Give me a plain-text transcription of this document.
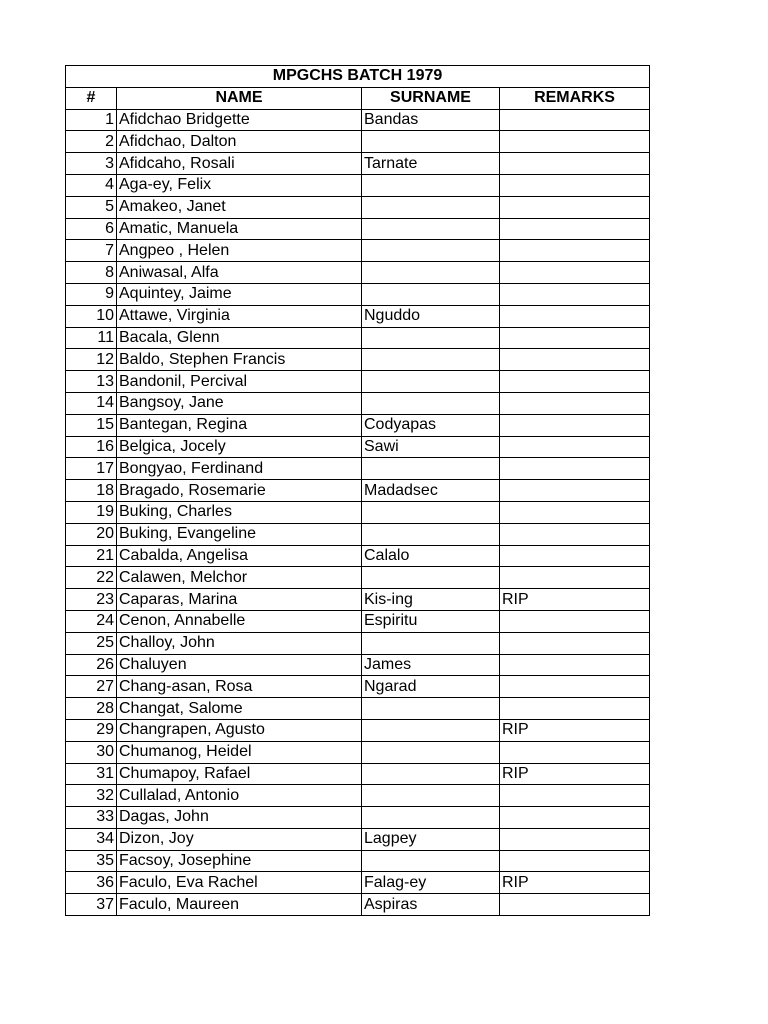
MPGCHS BATCH 1979			
#	NAME	SURNAME	REMARKS
1	Afidchao Bridgette	Bandas	
2	Afidchao, Dalton		
3	Afidcaho, Rosali	Tarnate	
4	Aga-ey, Felix		
5	Amakeo, Janet		
6	Amatic, Manuela		
7	Angpeo , Helen		
8	Aniwasal, Alfa		
9	Aquintey, Jaime		
10	Attawe, Virginia	Nguddo	
11	Bacala, Glenn		
12	Baldo, Stephen Francis		
13	Bandonil, Percival		
14	Bangsoy, Jane		
15	Bantegan, Regina	Codyapas	
16	Belgica, Jocely	Sawi	
17	Bongyao, Ferdinand		
18	Bragado, Rosemarie	Madadsec	
19	Buking, Charles		
20	Buking, Evangeline		
21	Cabalda, Angelisa	Calalo	
22	Calawen, Melchor		
23	Caparas, Marina	Kis-ing	RIP
24	Cenon, Annabelle	Espiritu	
25	Challoy, John		
26	Chaluyen	James	
27	Chang-asan, Rosa	Ngarad	
28	Changat, Salome		
29	Changrapen, Agusto		RIP
30	Chumanog, Heidel		
31	Chumapoy, Rafael		RIP
32	Cullalad, Antonio		
33	Dagas, John		
34	Dizon, Joy	Lagpey	
35	Facsoy, Josephine		
36	Faculo, Eva Rachel	Falag-ey	RIP
37	Faculo, Maureen	Aspiras	
